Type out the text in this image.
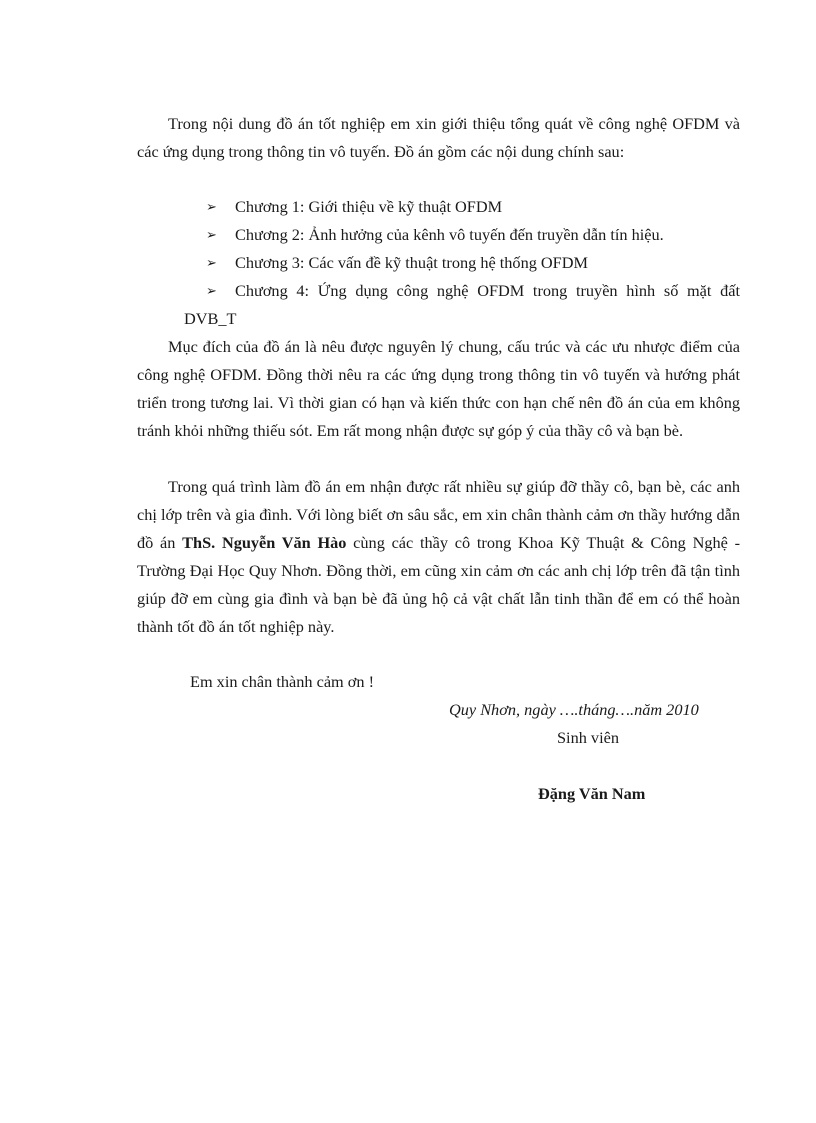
Trong nội dung đồ án tốt nghiệp em xin giới thiệu tổng quát về công nghệ OFDM và các ứng dụng trong thông tin vô tuyến. Đồ án gồm các nội dung chính sau:

➢ Chương 1: Giới thiệu về kỹ thuật OFDM
➢ Chương 2: Ảnh hưởng của kênh vô tuyến đến truyền dẫn tín hiệu.
➢ Chương 3: Các vấn đề kỹ thuật trong hệ thống OFDM
➢ Chương 4: Ứng dụng công nghệ OFDM trong truyền hình số mặt đất
DVB_T

Mục đích của đồ án là nêu được nguyên lý chung, cấu trúc và các ưu nhược điểm của công nghệ OFDM. Đồng thời nêu ra các ứng dụng trong thông tin vô tuyến và hướng phát triển trong tương lai. Vì thời gian có hạn và kiến thức con hạn chế nên đồ án của em không tránh khỏi những thiếu sót. Em rất mong nhận được sự góp ý của thầy cô và bạn bè.

Trong quá trình làm đồ án em nhận được rất nhiều sự giúp đỡ thầy cô, bạn bè, các anh chị lớp trên và gia đình. Với lòng biết ơn sâu sắc, em xin chân thành cảm ơn thầy hướng dẫn đồ án ThS. Nguyễn Văn Hào cùng các thầy cô trong Khoa Kỹ Thuật & Công Nghệ - Trường Đại Học Quy Nhơn. Đồng thời, em cũng xin cảm ơn các anh chị lớp trên đã tận tình giúp đỡ em cùng gia đình và bạn bè đã ủng hộ cả vật chất lẫn tinh thần để em có thể hoàn thành tốt đồ án tốt nghiệp này.

Em xin chân thành cảm ơn !
Quy Nhơn, ngày ….tháng….năm 2010
Sinh viên
Đặng Văn Nam
